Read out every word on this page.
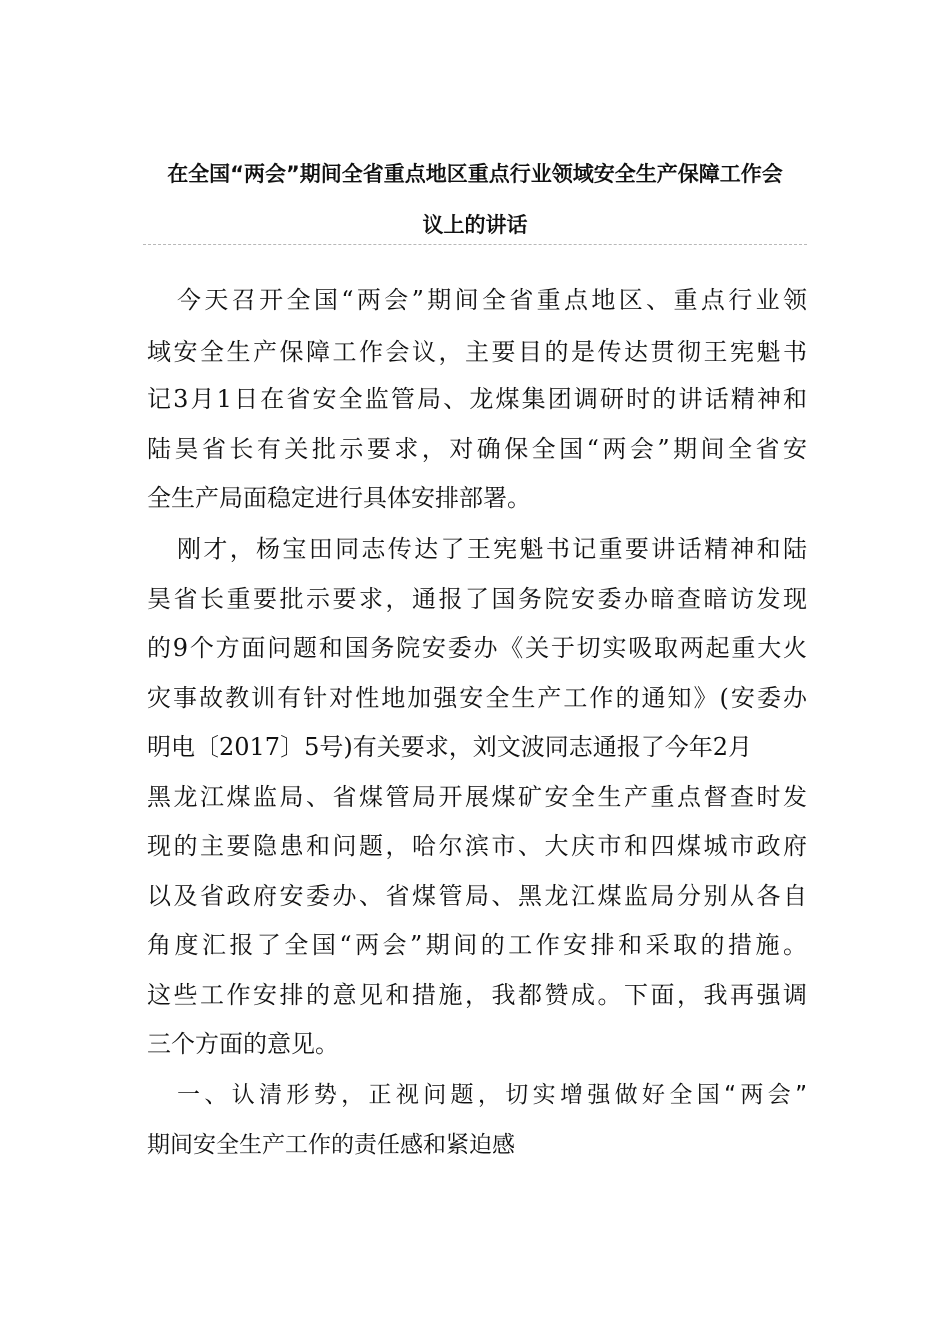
在全国“两会”期间全省重点地区重点行业领域安全生产保障工作会
议上的讲话
今天召开全国“两会”期间全省重点地区、重点行业领
域安全生产保障工作会议，主要目的是传达贯彻王宪魁书
记3月1日在省安全监管局、龙煤集团调研时的讲话精神和
陆昊省长有关批示要求，对确保全国“两会”期间全省安
全生产局面稳定进行具体安排部署。
刚才，杨宝田同志传达了王宪魁书记重要讲话精神和陆
昊省长重要批示要求，通报了国务院安委办暗查暗访发现
的9个方面问题和国务院安委办《关于切实吸取两起重大火
灾事故教训有针对性地加强安全生产工作的通知》(安委办
明电〔2017〕5号)有关要求，刘文波同志通报了今年2月
黑龙江煤监局、省煤管局开展煤矿安全生产重点督查时发
现的主要隐患和问题，哈尔滨市、大庆市和四煤城市政府
以及省政府安委办、省煤管局、黑龙江煤监局分别从各自
角度汇报了全国“两会”期间的工作安排和采取的措施。
这些工作安排的意见和措施，我都赞成。下面，我再强调
三个方面的意见。
一、认清形势，正视问题，切实增强做好全国“两会”
期间安全生产工作的责任感和紧迫感
